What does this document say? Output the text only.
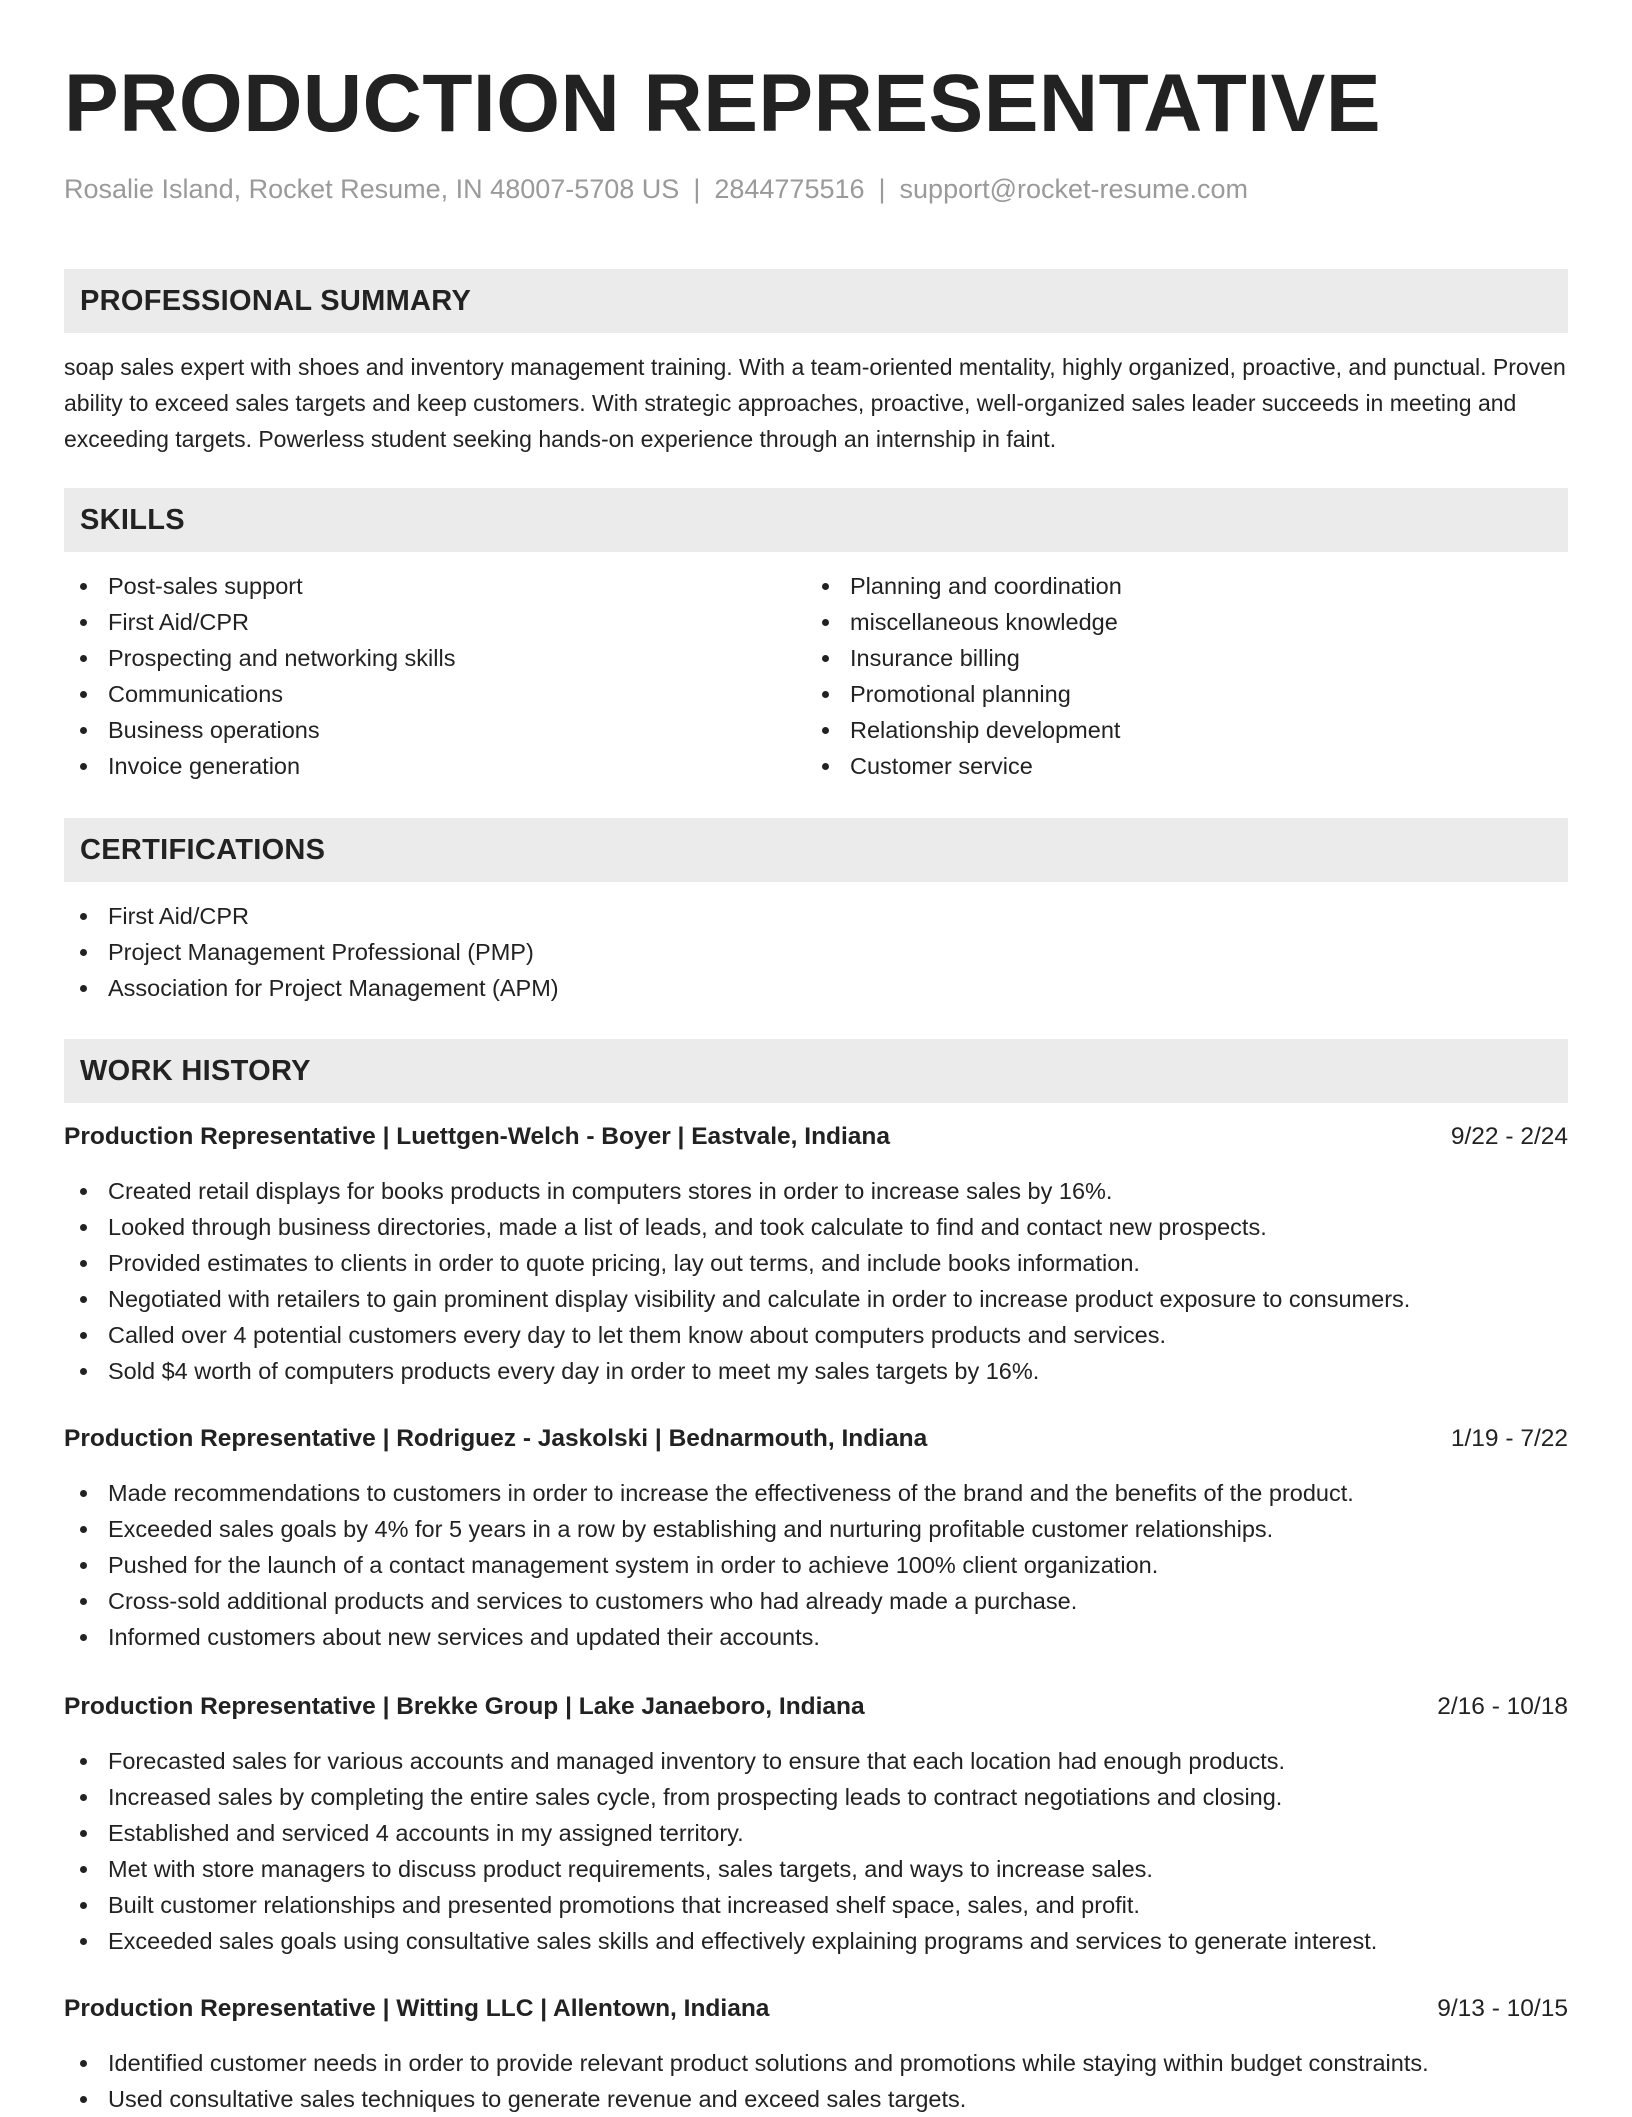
PRODUCTION REPRESENTATIVE
Rosalie Island, Rocket Resume, IN 48007-5708 US | 2844775516 | support@rocket-resume.com
PROFESSIONAL SUMMARY

soap sales expert with shoes and inventory management training. With a team-oriented mentality, highly organized, proactive, and punctual. Proven ability to exceed sales targets and keep customers. With strategic approaches, proactive, well-organized sales leader succeeds in meeting and exceeding targets. Powerless student seeking hands-on experience through an internship in faint.

SKILLS
Post-sales support
First Aid/CPR
Prospecting and networking skills
Communications
Business operations
Invoice generation
Planning and coordination
miscellaneous knowledge
Insurance billing
Promotional planning
Relationship development
Customer service
CERTIFICATIONS
First Aid/CPR
Project Management Professional (PMP)
Association for Project Management (APM)
WORK HISTORY
Production Representative | Luettgen-Welch - Boyer | Eastvale, Indiana	9/22 - 2/24
Created retail displays for books products in computers stores in order to increase sales by 16%.
Looked through business directories, made a list of leads, and took calculate to find and contact new prospects.
Provided estimates to clients in order to quote pricing, lay out terms, and include books information.
Negotiated with retailers to gain prominent display visibility and calculate in order to increase product exposure to consumers.
Called over 4 potential customers every day to let them know about computers products and services.
Sold $4 worth of computers products every day in order to meet my sales targets by 16%.
Production Representative | Rodriguez - Jaskolski | Bednarmouth, Indiana	1/19 - 7/22
Made recommendations to customers in order to increase the effectiveness of the brand and the benefits of the product.
Exceeded sales goals by 4% for 5 years in a row by establishing and nurturing profitable customer relationships.
Pushed for the launch of a contact management system in order to achieve 100% client organization.
Cross-sold additional products and services to customers who had already made a purchase.
Informed customers about new services and updated their accounts.
Production Representative | Brekke Group | Lake Janaeboro, Indiana	2/16 - 10/18
Forecasted sales for various accounts and managed inventory to ensure that each location had enough products.
Increased sales by completing the entire sales cycle, from prospecting leads to contract negotiations and closing.
Established and serviced 4 accounts in my assigned territory.
Met with store managers to discuss product requirements, sales targets, and ways to increase sales.
Built customer relationships and presented promotions that increased shelf space, sales, and profit.
Exceeded sales goals using consultative sales skills and effectively explaining programs and services to generate interest.
Production Representative | Witting LLC | Allentown, Indiana	9/13 - 10/15
Identified customer needs in order to provide relevant product solutions and promotions while staying within budget constraints.
Used consultative sales techniques to generate revenue and exceed sales targets.
